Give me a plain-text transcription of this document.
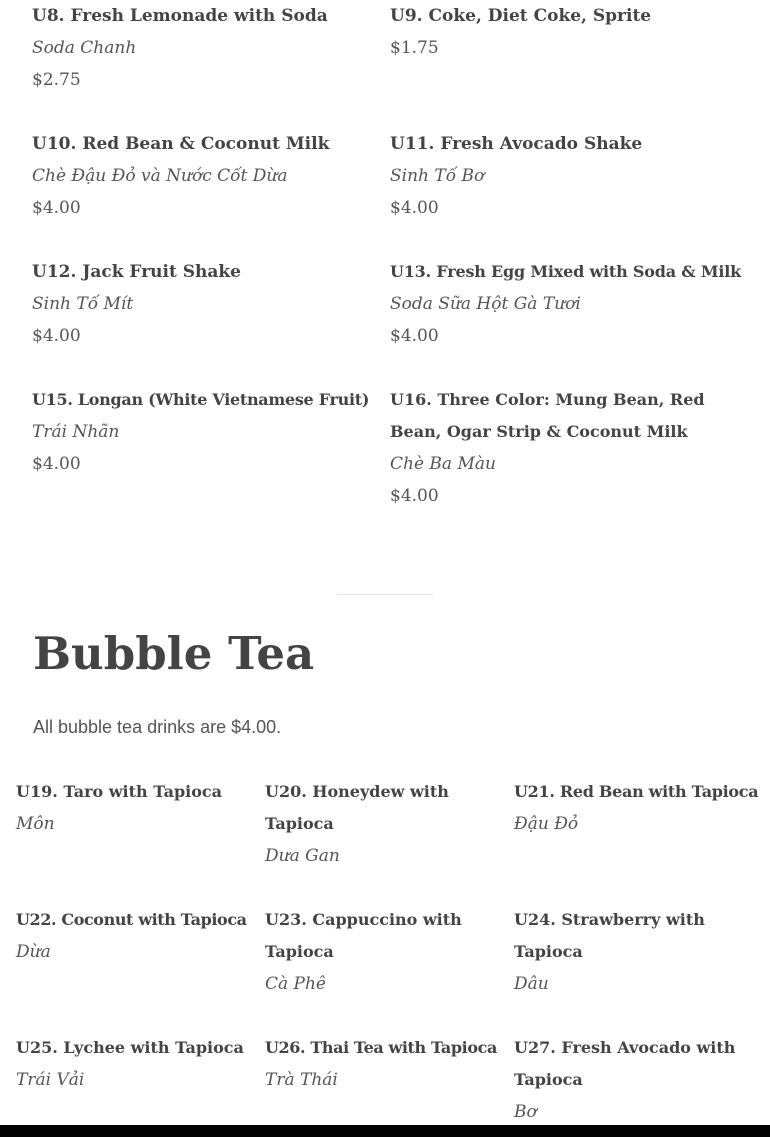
U8. Fresh Lemonade with Soda
Soda Chanh
$2.75
U9. Coke, Diet Coke, Sprite
$1.75
U10. Red Bean & Coconut Milk
Chè Đậu Đỏ và Nước Cốt Dừa
$4.00
U11. Fresh Avocado Shake
Sinh Tố Bơ
$4.00
U12. Jack Fruit Shake
Sinh Tố Mít
$4.00
U13. Fresh Egg Mixed with Soda & Milk
Soda Sữa Hột Gà Tươi
$4.00
U15. Longan (White Vietnamese Fruit)
Trái Nhãn
$4.00
U16. Three Color: Mung Bean, Red Bean, Ogar Strip & Coconut Milk
Chè Ba Màu
$4.00
Bubble Tea

All bubble tea drinks are $4.00.

U19. Taro with Tapioca
Môn
U20. Honeydew with Tapioca
Dưa Gan
U21. Red Bean with Tapioca
Đậu Đỏ
U22. Coconut with Tapioca
Dừa
U23. Cappuccino with Tapioca
Cà Phê
U24. Strawberry with Tapioca
Dâu
U25. Lychee with Tapioca
Trái Vải
U26. Thai Tea with Tapioca
Trà Thái
U27. Fresh Avocado with Tapioca
Bơ
